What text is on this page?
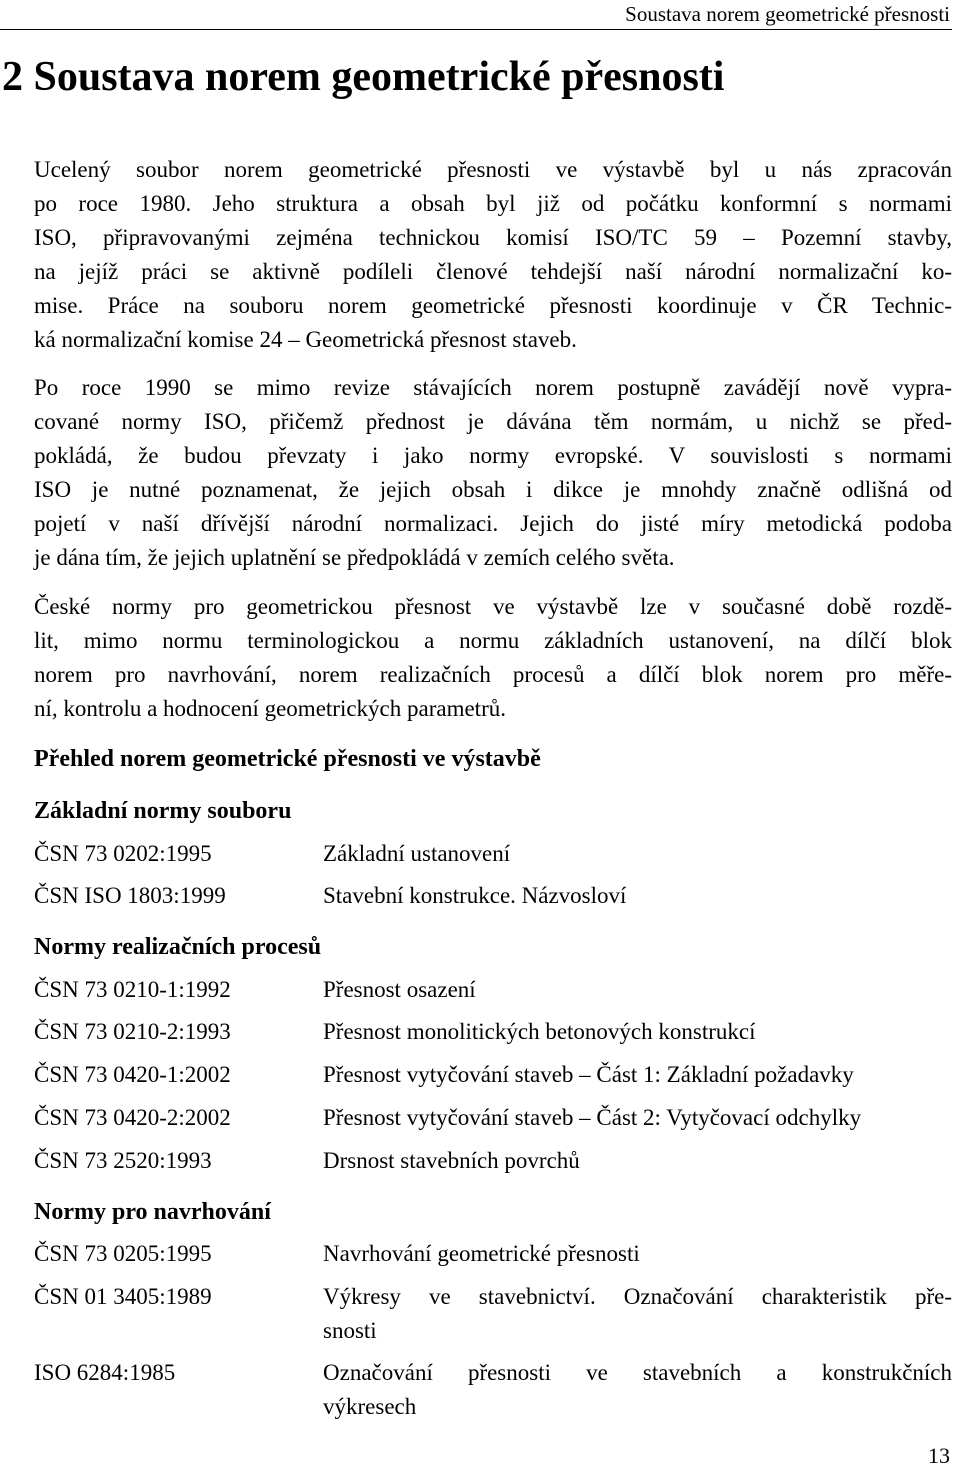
Soustava norem geometrické přesnosti
2 Soustava norem geometrické přesnosti

Ucelený soubor norem geometrické přesnosti ve výstavbě byl u nás zpracován
po roce 1980. Jeho struktura a obsah byl již od počátku konformní s normami
ISO, připravovanými zejména technickou komisí ISO/TC 59 – Pozemní stavby,
na jejíž práci se aktivně podíleli členové tehdejší naší národní normalizační ko-
mise. Práce na souboru norem geometrické přesnosti koordinuje v ČR Technic-
ká normalizační komise 24 – Geometrická přesnost staveb.

Po roce 1990 se mimo revize stávajících norem postupně zavádějí nově vypra-
cované normy ISO, přičemž přednost je dávána těm normám, u nichž se před-
pokládá, že budou převzaty i jako normy evropské. V souvislosti s normami
ISO je nutné poznamenat, že jejich obsah i dikce je mnohdy značně odlišná od
pojetí v naší dřívější národní normalizaci. Jejich do jisté míry metodická podoba
je dána tím, že jejich uplatnění se předpokládá v zemích celého světa.

České normy pro geometrickou přesnost ve výstavbě lze v současné době rozdě-
lit, mimo normu terminologickou a normu základních ustanovení, na dílčí blok
norem pro navrhování, norem realizačních procesů a dílčí blok norem pro měře-
ní, kontrolu a hodnocení geometrických parametrů.

Přehled norem geometrické přesnosti ve výstavbě
Základní normy souboru
ČSN 73 0202:1995	Základní ustanovení
ČSN ISO 1803:1999	Stavební konstrukce. Názvosloví
Normy realizačních procesů
ČSN 73 0210-1:1992	Přesnost osazení
ČSN 73 0210-2:1993	Přesnost monolitických betonových konstrukcí
ČSN 73 0420-1:2002	Přesnost vytyčování staveb – Část 1: Základní požadavky
ČSN 73 0420-2:2002	Přesnost vytyčování staveb – Část 2: Vytyčovací odchylky
ČSN 73 2520:1993	Drsnost stavebních povrchů
Normy pro navrhování
ČSN 73 0205:1995	Navrhování geometrické přesnosti
ČSN 01 3405:1989	Výkresy ve stavebnictví. Označování charakteristik pře-
snosti
ISO 6284:1985	Označování přesnosti ve stavebních a konstrukčních
výkresech
13
